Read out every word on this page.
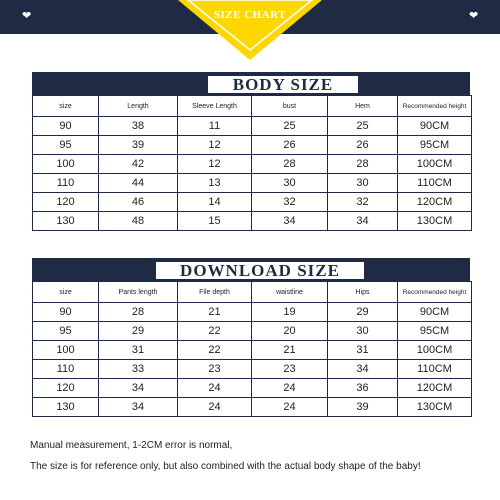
❤	❤
SIZE CHART
BODY SIZE
size	Length	Sleeve Length	bust	Hem	Recommended height
90	38	11	25	25	90CM
95	39	12	26	26	95CM
100	42	12	28	28	100CM
110	44	13	30	30	110CM
120	46	14	32	32	120CM
130	48	15	34	34	130CM
DOWNLOAD SIZE
size	Pants length	File depth	waistline	Hips	Recommended height
90	28	21	19	29	90CM
95	29	22	20	30	95CM
100	31	22	21	31	100CM
110	33	23	23	34	110CM
120	34	24	24	36	120CM
130	34	24	24	39	130CM
Manual measurement, 1-2CM error is normal,
The size is for reference only, but also combined with the actual body shape of the baby!
